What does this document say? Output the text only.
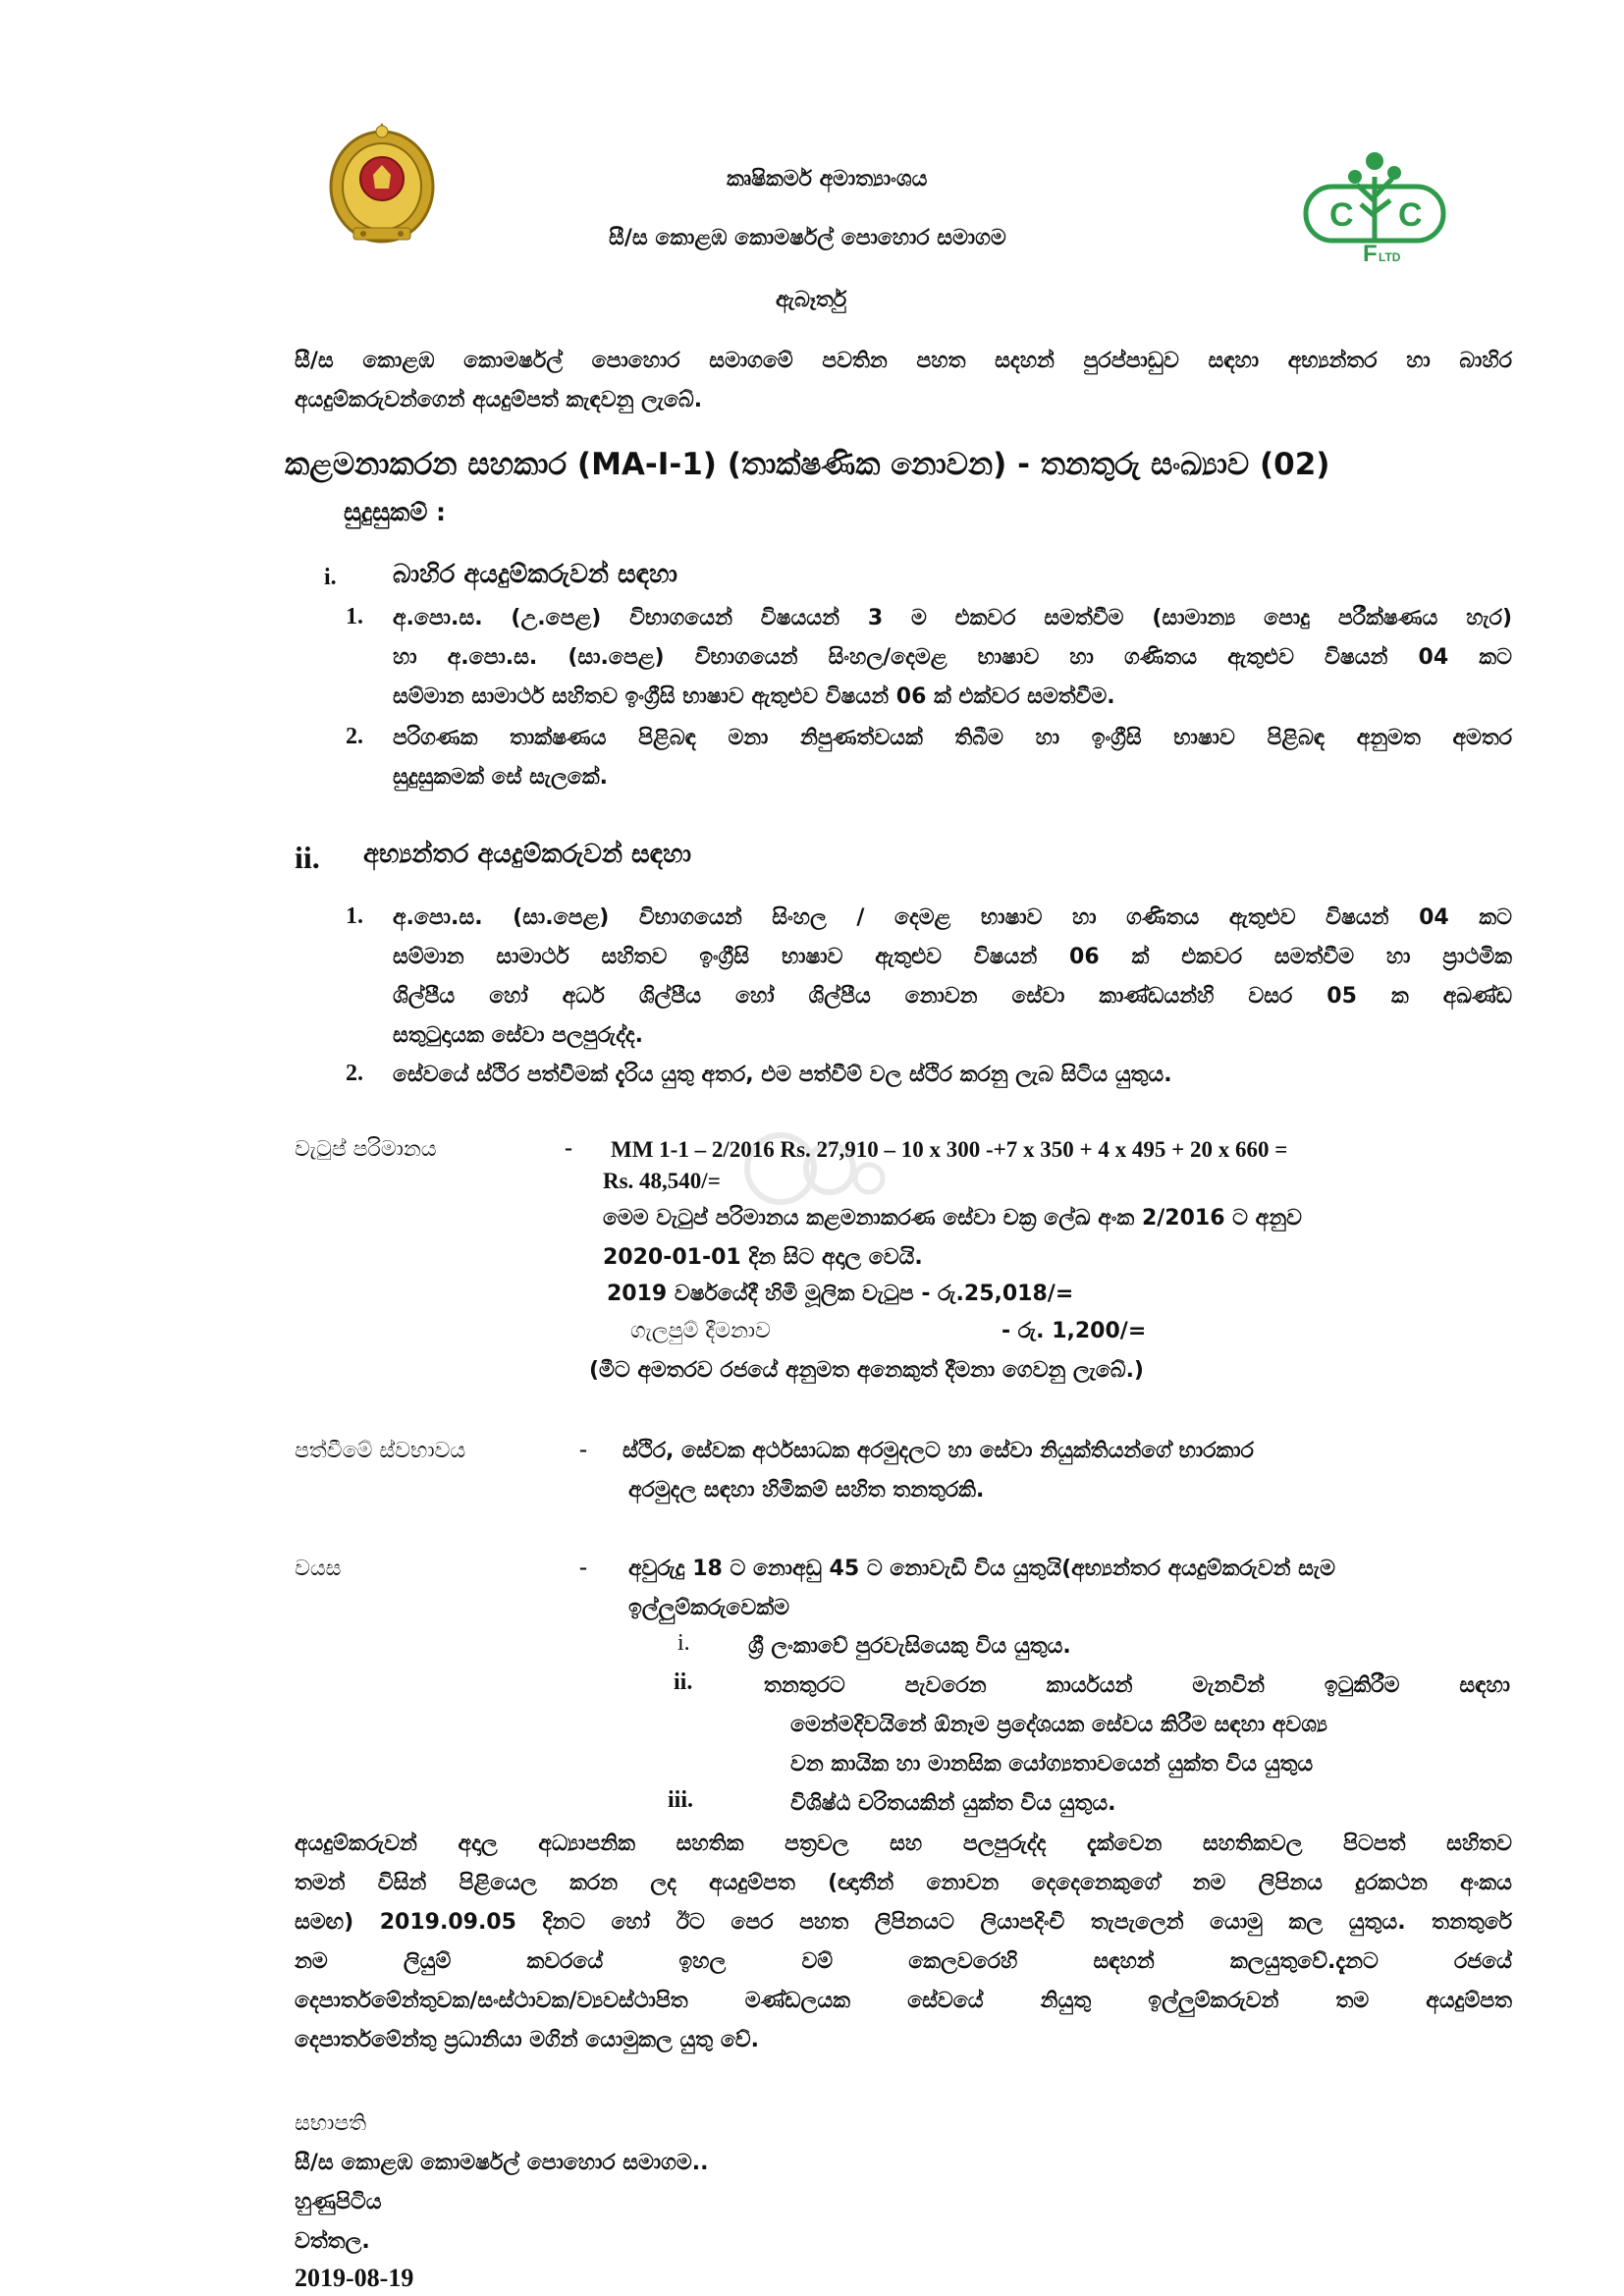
C C
F LTD
කෘෂිකර්ම අමාත්‍යාංශය
සී/ස කොළඹ කොමර්ෂල් පොහොර සමාගම
ඇබෑර්තු
සී/ස කොළඹ කොමර්ෂල් පොහොර සමාගමේ පවතින පහත සදහන් පුරප්පාඩුව සඳහා අභ්‍යන්තර හා බාහිර
අයදුම්කරුවන්ගෙන් අයදුම්පත් කැඳවනු ලැබේ.
කළමනාකරන සහකාර (MA-I-1) (තාක්ෂණික නොවන) - තනතුරු සංඛ්‍යාව (02)
සුදුසුකම් :
i. බාහිර අයදුම්කරුවන් සඳහා
1. අ.පො.ස. (උ.පෙළ) විභාගයෙන් විෂයයන් 3 ම එකවර සමත්වීම (සාමාන්‍ය පොදු පරීක්ෂණය හැර)
හා අ.පො.ස. (සා.පෙළ) විභාගයෙන් සිංහල/දෙමළ භාෂාව හා ගණිතය ඇතුළුව විෂයන් 04 කට
සම්මාන සාමාර්ථ සහිතව ඉංග්‍රීසි භාෂාව ඇතුළුව විෂයන් 06 ක් එක්වර සමත්වීම.
2. පරිගණක තාක්ෂණය පිළිබඳ මනා නිපුණත්වයක් තිබීම හා ඉංග්‍රීසි භාෂාව පිළිබඳ අනුමත අමතර
සුදුසුකමක් සේ සැලකේ.
ii. අභ්‍යන්තර අයදුම්කරුවන් සඳහා
1. අ.පො.ස. (සා.පෙළ) විභාගයෙන් සිංහල / දෙමළ භාෂාව හා ගණිතය ඇතුළුව විෂයන් 04 කට
සම්මාන සාමාර්ථ සහිතව ඉංග්‍රීසි භාෂාව ඇතුළුව විෂයන් 06 ක් එකවර සමත්වීම හා ප්‍රාථමික
ශිල්පීය හෝ අර්ධ ශිල්පීය හෝ ශිල්පීය නොවන සේවා කාණ්ඩයන්හි වසර 05 ක අඛණ්ඩ
සතුටුදායක සේවා පලපුරුද්ද.
2. සේවයේ ස්ථිර පත්වීමක් දැරිය යුතු අතර, එම පත්වීම් වල ස්ථිර කරනු ලැබ සිටිය යුතුය.
වැටුප් පරිමානය	- MM 1-1 – 2/2016 Rs. 27,910 – 10 x 300 -+7 x 350 + 4 x 495 + 20 x 660 =
Rs. 48,540/=
මෙම වැටුප් පරිමානය කළමනාකරණ සේවා චක්‍ර ලේඛ අංක 2/2016 ට අනුව
2020-01-01 දින සිට අදාල වෙයි.
2019 වර්ෂයේදී හිමි මූලික වැටුප - රු.25,018/=
ගැලපුම් දීමනාව	- රු. 1,200/=
(මීට අමතරව රජයේ අනුමත අනෙකුත් දීමනා ගෙවනු ලැබේ.)
පත්වීමේ ස්වභාවය	- ස්ථිර, සේවක අර්ථසාධක අරමුදලට හා සේවා නියුක්තියන්ගේ භාරකාර
අරමුදල සඳහා හිමිකම් සහිත තනතුරකි.
වයස	- අවුරුදු 18 ට නොඅඩු 45 ට නොවැඩි විය යුතුයි(අභ්‍යන්තර අයදුම්කරුවන් සැම
ඉල්ලුම්කරුවෙක්ම
i.	ශ්‍රී ලංකාවේ පුරවැසියෙකු විය යුතුය.
ii.	තනතුරට පැවරෙන කාර්යයන් මැනවින් ඉටුකිරීම සඳහා
මෙන්මදිවයිනේ ඕනෑම ප්‍රදේශයක සේවය කිරීම සඳහා අවශ්‍ය
වන කායික හා මානසික යෝග්‍යතාවයෙන් යුක්ත විය යුතුය
iii.	විශිෂ්ඨ චරිතයකින් යුක්ත විය යුතුය.
අයදුම්කරුවන් අදාල අධ්‍යාපනික සහතික පත්‍රවල සහ පලපුරුද්ද දැක්වෙන සහතිකවල පිටපත් සහිතව
තමන් විසින් පිළියෙල කරන ලද අයදුම්පත (ඥාතීන් නොවන දෙදෙනෙකුගේ නම ලිපිනය දුරකථන අංකය
සමඟ) 2019.09.05 දිනට හෝ ඊට පෙර පහත ලිපිනයට ලියාපදිංචි තැපැලෙන් යොමු කල යුතුය. තනතුරේ
නම ලියුම් කවරයේ ඉහල වම් කෙලවරෙහි සඳහන් කලයුතුවේ.දැනට රජයේ
දෙපාර්තමේන්තුවක/සංස්ථාවක/ව්‍යවස්ථාපිත මණ්ඩලයක සේවයේ නියුතු ඉල්ලුම්කරුවන් තම අයදුම්පත
දෙපාර්තමේන්තු ප්‍රධානියා මගින් යොමුකල යුතු වේ.
සභාපති
සී/ස කොළඹ කොමර්ෂල් පොහොර සමාගම..
හුණුපිටිය
වත්තල.
2019-08-19
